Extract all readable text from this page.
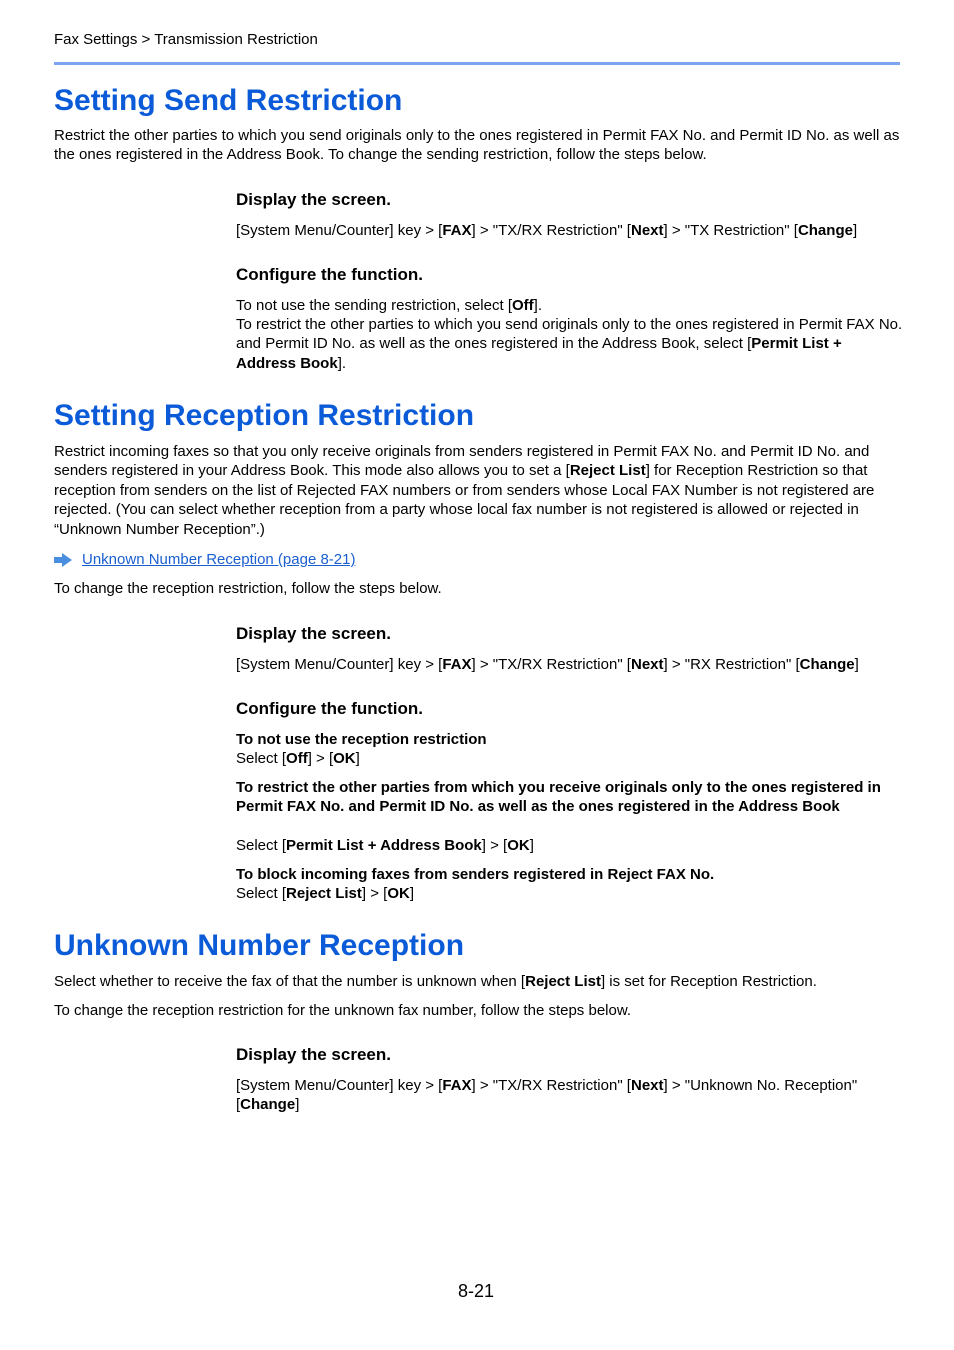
Fax Settings > Transmission Restriction
Setting Send Restriction
Restrict the other parties to which you send originals only to the ones registered in Permit FAX No. and Permit ID No. as well as the ones registered in the Address Book. To change the sending restriction, follow the steps below.
Display the screen.
[System Menu/Counter] key > [FAX] > "TX/RX Restriction" [Next] > "TX Restriction" [Change]
Configure the function.
To not use the sending restriction, select [Off].
To restrict the other parties to which you send originals only to the ones registered in Permit FAX No. and Permit ID No. as well as the ones registered in the Address Book, select [Permit List + Address Book].
Setting Reception Restriction
Restrict incoming faxes so that you only receive originals from senders registered in Permit FAX No. and Permit ID No. and senders registered in your Address Book. This mode also allows you to set a [Reject List] for Reception Restriction so that reception from senders on the list of Rejected FAX numbers or from senders whose Local FAX Number is not registered are rejected. (You can select whether reception from a party whose local fax number is not registered is allowed or rejected in “Unknown Number Reception”.)
Unknown Number Reception (page 8-21)
To change the reception restriction, follow the steps below.
Display the screen.
[System Menu/Counter] key > [FAX] > "TX/RX Restriction" [Next] > "RX Restriction" [Change]
Configure the function.
To not use the reception restriction
Select [Off] > [OK]
To restrict the other parties from which you receive originals only to the ones registered in Permit FAX No. and Permit ID No. as well as the ones registered in the Address Book
Select [Permit List + Address Book] > [OK]
To block incoming faxes from senders registered in Reject FAX No.
Select [Reject List] > [OK]
Unknown Number Reception
Select whether to receive the fax of that the number is unknown when [Reject List] is set for Reception Restriction.
To change the reception restriction for the unknown fax number, follow the steps below.
Display the screen.
[System Menu/Counter] key > [FAX] > "TX/RX Restriction" [Next] > "Unknown No. Reception" [Change]
8-21
